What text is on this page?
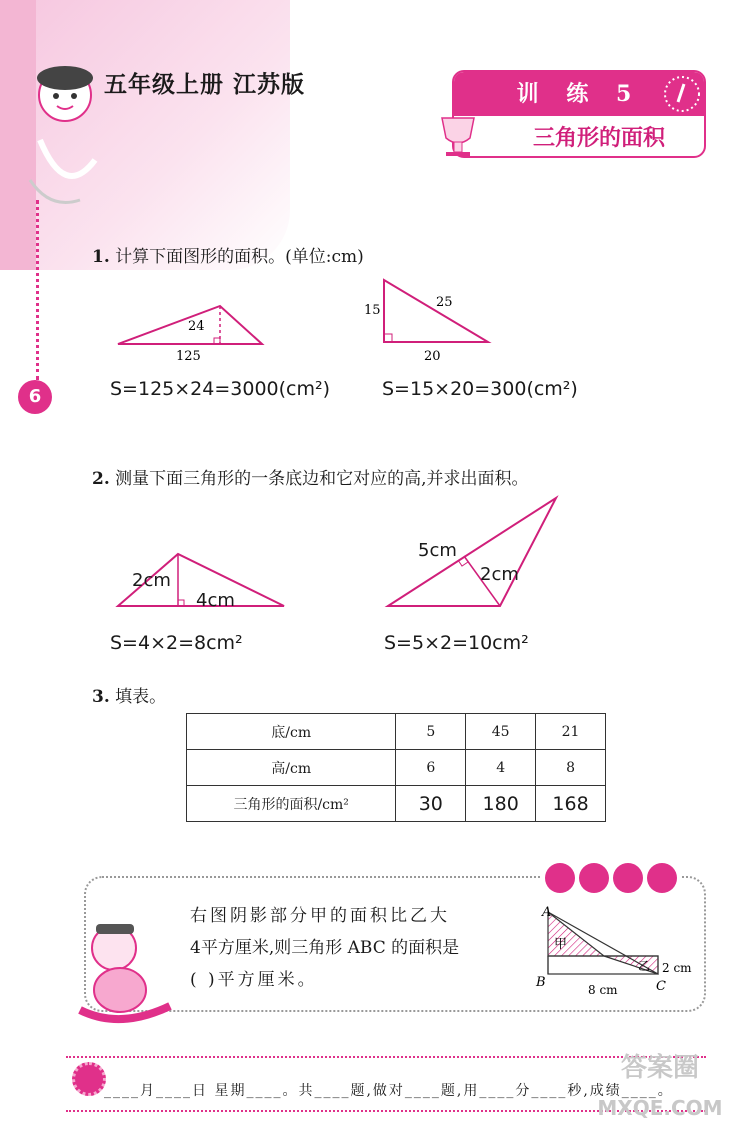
6
五年级上册 江苏版	训 练 5
三角形的面积
1. 计算下面图形的面积。(单位:cm)
24
125
S=125×24=3000(cm²)
15
25
20
S=15×20=300(cm²)
2. 测量下面三角形的一条底边和它对应的高,并求出面积。
2cm
4cm
S=4×2=8cm²
5cm
2cm
S=5×2=10cm²
3. 填表。
底/cm	5	45	21
高/cm	6	4	8
三角形的面积/cm²	30	180	168
右图阴影部分甲的面积比乙大
4平方厘米,则三角形 ABC 的面积是
( )平方厘米。
A
B	C
甲
乙
8 cm
2 cm
____月____日 星期____。共____题,做对____题,用____分____秒,成绩____。
答案圈
MXQE.COM
